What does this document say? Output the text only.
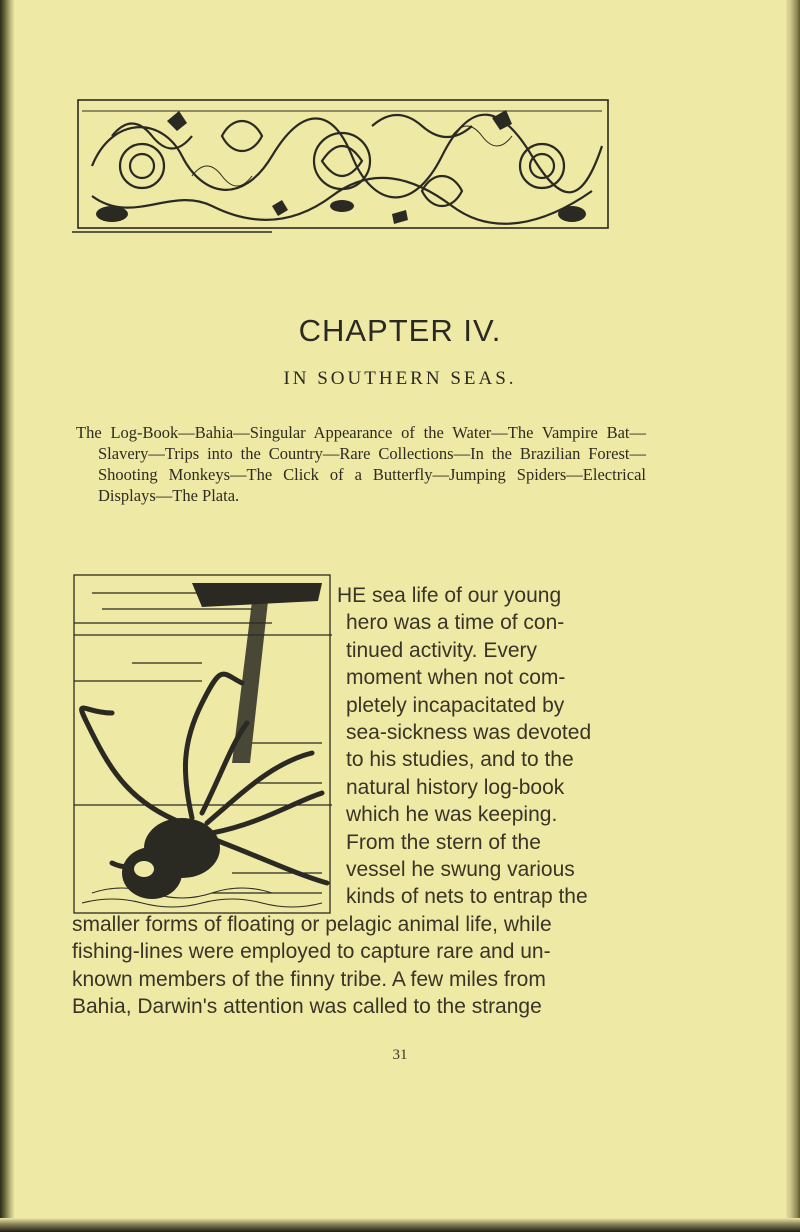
CHAPTER IV.
IN SOUTHERN SEAS.
The Log-Book—Bahia—Singular Appearance of the Water—The Vampire Bat—Slavery—Trips into the Country—Rare Collections—In the Brazilian Forest—Shooting Monkeys—The Click of a Butterfly—Jumping Spiders—Electrical Displays—The Plata.
HE sea life of our young
hero was a time of con-
tinued activity. Every
moment when not com-
pletely incapacitated by
sea-sickness was devoted
to his studies, and to the
natural history log-book
which he was keeping.
From the stern of the
vessel he swung various
kinds of nets to entrap the
smaller forms of floating or pelagic animal life, while
fishing-lines were employed to capture rare and un-
known members of the finny tribe. A few miles from
Bahia, Darwin's attention was called to the strange
31
